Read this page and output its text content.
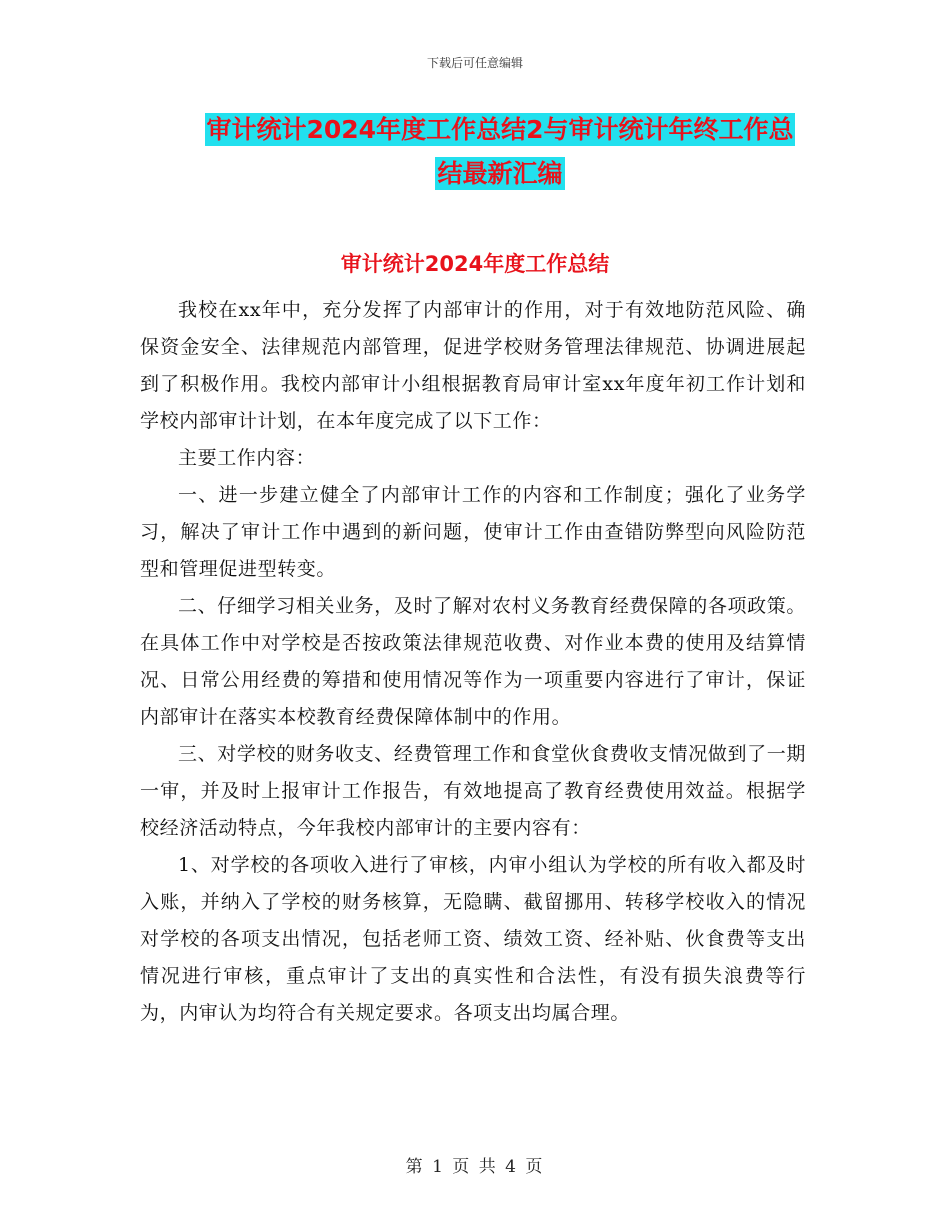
下载后可任意编辑
审计统计2024年度工作总结2与审计统计年终工作总
结最新汇编
审计统计2024年度工作总结

我校在xx年中，充分发挥了内部审计的作用，对于有效地防范风险、确保资金安全、法律规范内部管理，促进学校财务管理法律规范、协调进展起到了积极作用。我校内部审计小组根据教育局审计室xx年度年初工作计划和学校内部审计计划，在本年度完成了以下工作：

主要工作内容：

一、进一步建立健全了内部审计工作的内容和工作制度；强化了业务学习，解决了审计工作中遇到的新问题，使审计工作由查错防弊型向风险防范型和管理促进型转变。

二、仔细学习相关业务，及时了解对农村义务教育经费保障的各项政策。在具体工作中对学校是否按政策法律规范收费、对作业本费的使用及结算情况、日常公用经费的筹措和使用情况等作为一项重要内容进行了审计，保证内部审计在落实本校教育经费保障体制中的作用。

三、对学校的财务收支、经费管理工作和食堂伙食费收支情况做到了一期一审，并及时上报审计工作报告，有效地提高了教育经费使用效益。根据学校经济活动特点，今年我校内部审计的主要内容有：

1、对学校的各项收入进行了审核，内审小组认为学校的所有收入都及时入账，并纳入了学校的财务核算，无隐瞒、截留挪用、转移学校收入的情况对学校的各项支出情况，包括老师工资、绩效工资、经补贴、伙食费等支出情况进行审核，重点审计了支出的真实性和合法性，有没有损失浪费等行为，内审认为均符合有关规定要求。各项支出均属合理。

第 1 页 共 4 页
